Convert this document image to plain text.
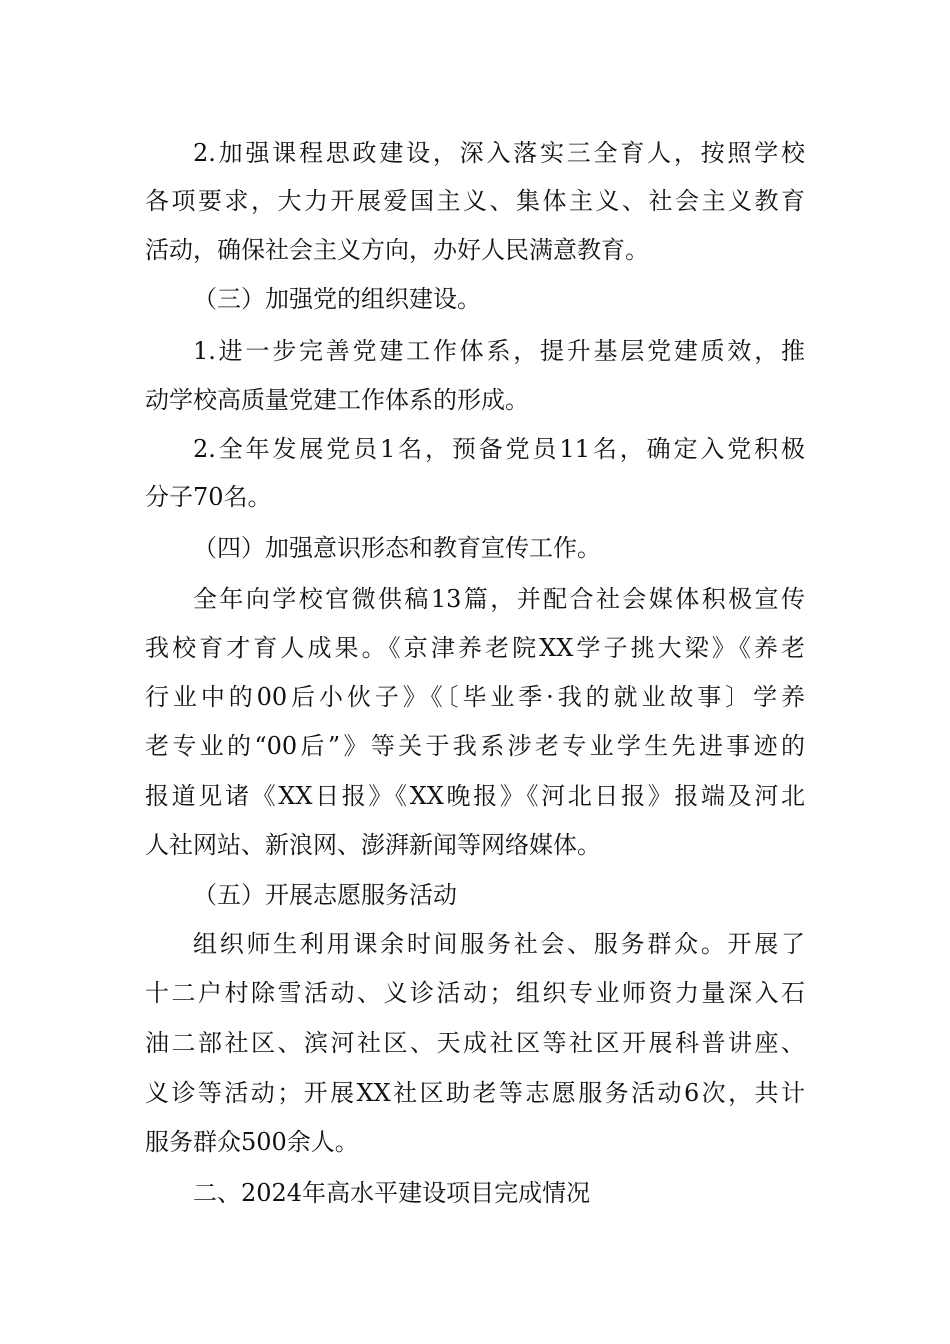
2.加强课程思政建设，深入落实三全育人，按照学校
各项要求，大力开展爱国主义、集体主义、社会主义教育
活动，确保社会主义方向，办好人民满意教育。
（三）加强党的组织建设。
1.进一步完善党建工作体系，提升基层党建质效，推
动学校高质量党建工作体系的形成。
2.全年发展党员1名，预备党员11名，确定入党积极
分子70名。
（四）加强意识形态和教育宣传工作。
全年向学校官微供稿13篇，并配合社会媒体积极宣传
我校育才育人成果。《京津养老院XX学子挑大梁》《养老
行业中的00后小伙子》《〔毕业季·我的就业故事〕学养
老专业的“00后”》等关于我系涉老专业学生先进事迹的
报道见诸《XX日报》《XX晚报》《河北日报》报端及河北
人社网站、新浪网、澎湃新闻等网络媒体。
（五）开展志愿服务活动
组织师生利用课余时间服务社会、服务群众。开展了
十二户村除雪活动、义诊活动；组织专业师资力量深入石
油二部社区、滨河社区、天成社区等社区开展科普讲座、
义诊等活动；开展XX社区助老等志愿服务活动6次，共计
服务群众500余人。
二、2024年高水平建设项目完成情况
